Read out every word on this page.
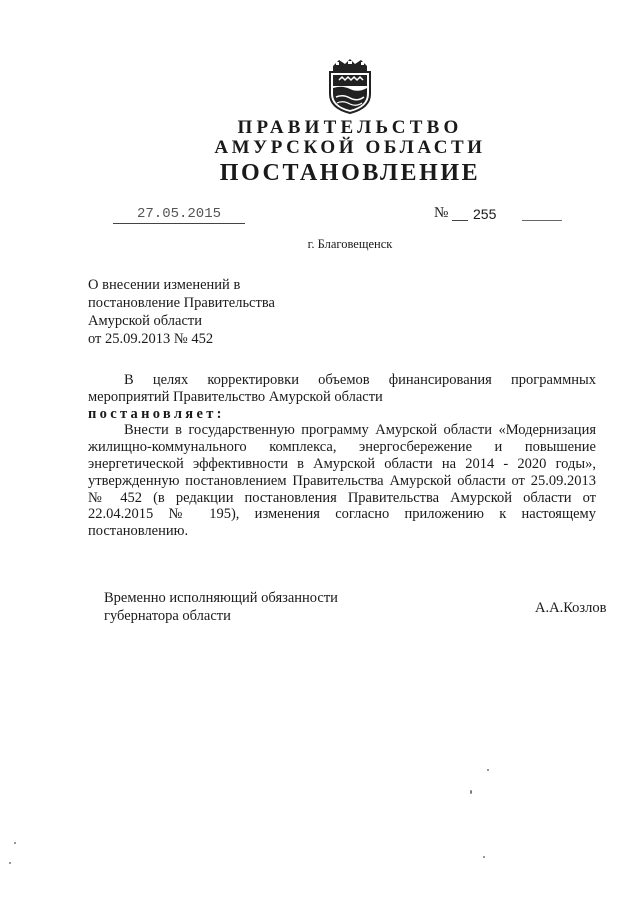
ПРАВИТЕЛЬСТВО
АМУРСКОЙ ОБЛАСТИ
ПОСТАНОВЛЕНИЕ
27.05.2015	№ 255
г. Благовещенск
О внесении изменений в
постановление Правительства
Амурской области
от 25.09.2013 № 452

В целях корректировки объемов финансирования программных мероприятий Правительство Амурской области

постановляет:

Внести в государственную программу Амурской области «Модернизация жилищно-коммунального комплекса, энергосбережение и повышение энергетической эффективности в Амурской области на 2014 - 2020 годы», утвержденную постановлением Правительства Амурской области от 25.09.2013 № 452 (в редакции постановления Правительства Амурской области от 22.04.2015 № 195), изменения согласно приложению к настоящему постановлению.

Временно исполняющий обязанности
губернатора области	А.А.Козлов
